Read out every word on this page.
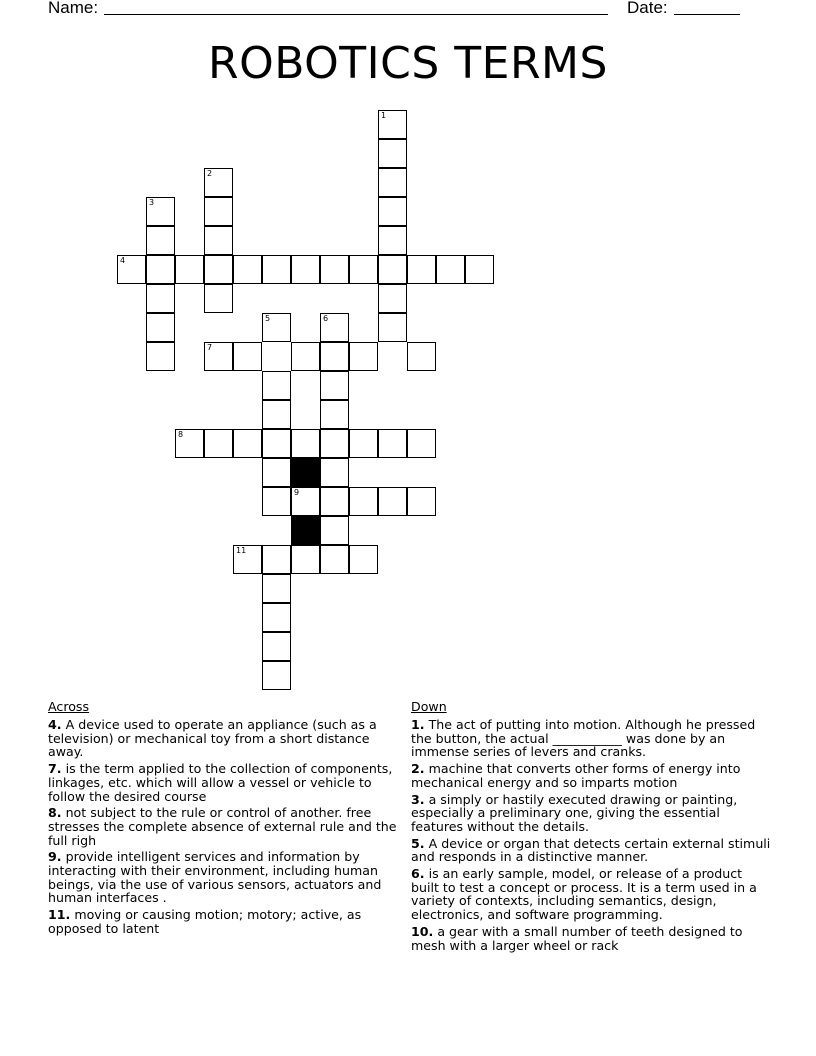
Name:	Date:
ROBOTICS TERMS
1
2
3
4
5	6
7
8
9
11
Across
4. A device used to operate an appliance (such as a television) or mechanical toy from a short distance away.
7. is the term applied to the collection of components, linkages, etc. which will allow a vessel or vehicle to follow the desired course
8. not subject to the rule or control of another. free stresses the complete absence of external rule and the full righ
9. provide intelligent services and information by interacting with their environment, including human beings, via the use of various sensors, actuators and human interfaces .
11. moving or causing motion; motory; active, as opposed to latent
Down
1. The act of putting into motion. Although he pressed the button, the actual ___________ was done by an immense series of levers and cranks.
2. machine that converts other forms of energy into mechanical energy and so imparts motion
3. a simply or hastily executed drawing or painting, especially a preliminary one, giving the essential features without the details.
5. A device or organ that detects certain external stimuli and responds in a distinctive manner.
6. is an early sample, model, or release of a product built to test a concept or process. It is a term used in a variety of contexts, including semantics, design, electronics, and software programming.
10. a gear with a small number of teeth designed to mesh with a larger wheel or rack
